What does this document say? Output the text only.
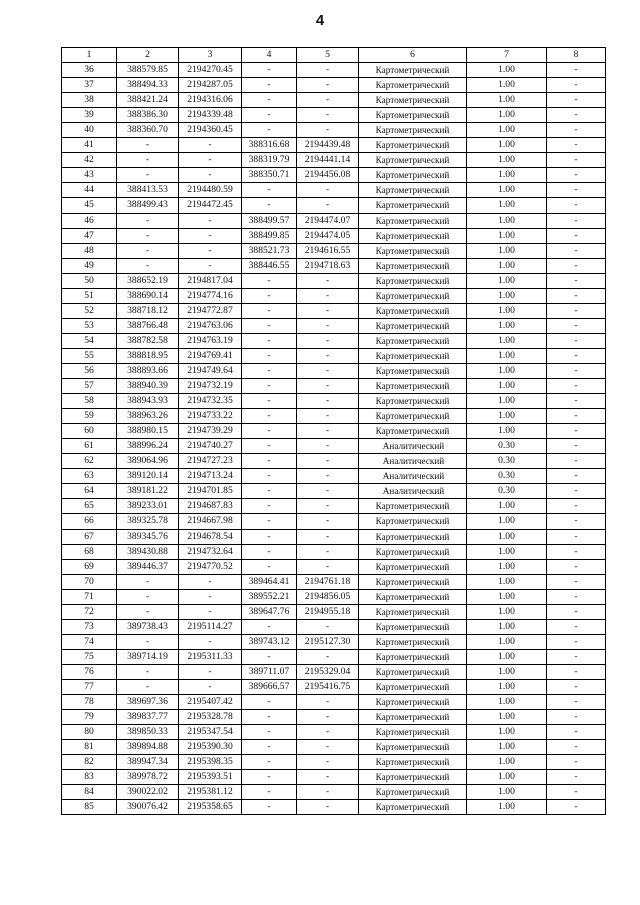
4
1	2	3	4	5	6	7	8
36	388579.85	2194270.45	-	-	Картометрический	1.00	-
37	388494.33	2194287.05	-	-	Картометрический	1.00	-
38	388421.24	2194316.06	-	-	Картометрический	1.00	-
39	388386.30	2194339.48	-	-	Картометрический	1.00	-
40	388360.70	2194360.45	-	-	Картометрический	1.00	-
41	-	-	388316.68	2194439.48	Картометрический	1.00	-
42	-	-	388319.79	2194441.14	Картометрический	1.00	-
43	-	-	388350.71	2194456.08	Картометрический	1.00	-
44	388413.53	2194480.59	-	-	Картометрический	1.00	-
45	388499.43	2194472.45	-	-	Картометрический	1.00	-
46	-	-	388499.57	2194474.07	Картометрический	1.00	-
47	-	-	388499.85	2194474.05	Картометрический	1.00	-
48	-	-	388521.73	2194616.55	Картометрический	1.00	-
49	-	-	388446.55	2194718.63	Картометрический	1.00	-
50	388652.19	2194817.04	-	-	Картометрический	1.00	-
51	388690.14	2194774.16	-	-	Картометрический	1.00	-
52	388718.12	2194772.87	-	-	Картометрический	1.00	-
53	388766.48	2194763.06	-	-	Картометрический	1.00	-
54	388782.58	2194763.19	-	-	Картометрический	1.00	-
55	388818.95	2194769.41	-	-	Картометрический	1.00	-
56	388893.66	2194749.64	-	-	Картометрический	1.00	-
57	388940.39	2194732.19	-	-	Картометрический	1.00	-
58	388943.93	2194732.35	-	-	Картометрический	1.00	-
59	388963.26	2194733.22	-	-	Картометрический	1.00	-
60	388980.15	2194739.29	-	-	Картометрический	1.00	-
61	388996.24	2194740.27	-	-	Аналитический	0.30	-
62	389064.96	2194727.23	-	-	Аналитический	0.30	-
63	389120.14	2194713.24	-	-	Аналитический	0.30	-
64	389181.22	2194701.85	-	-	Аналитический	0.30	-
65	389233.01	2194687.83	-	-	Картометрический	1.00	-
66	389325.78	2194667.98	-	-	Картометрический	1.00	-
67	389345.76	2194678.54	-	-	Картометрический	1.00	-
68	389430.88	2194732.64	-	-	Картометрический	1.00	-
69	389446.37	2194770.52	-	-	Картометрический	1.00	-
70	-	-	389464.41	2194761.18	Картометрический	1.00	-
71	-	-	389552.21	2194856.05	Картометрический	1.00	-
72	-	-	389647.76	2194955.18	Картометрический	1.00	-
73	389738.43	2195114.27	-	-	Картометрический	1.00	-
74	-	-	389743.12	2195127.30	Картометрический	1.00	-
75	389714.19	2195311.33	-	-	Картометрический	1.00	-
76	-	-	389711.07	2195329.04	Картометрический	1.00	-
77	-	-	389666.57	2195416.75	Картометрический	1.00	-
78	389697.36	2195407.42	-	-	Картометрический	1.00	-
79	389837.77	2195328.78	-	-	Картометрический	1.00	-
80	389850.33	2195347.54	-	-	Картометрический	1.00	-
81	389894.88	2195390.30	-	-	Картометрический	1.00	-
82	389947.34	2195398.35	-	-	Картометрический	1.00	-
83	389978.72	2195393.51	-	-	Картометрический	1.00	-
84	390022.02	2195381.12	-	-	Картометрический	1.00	-
85	390076.42	2195358.65	-	-	Картометрический	1.00	-
